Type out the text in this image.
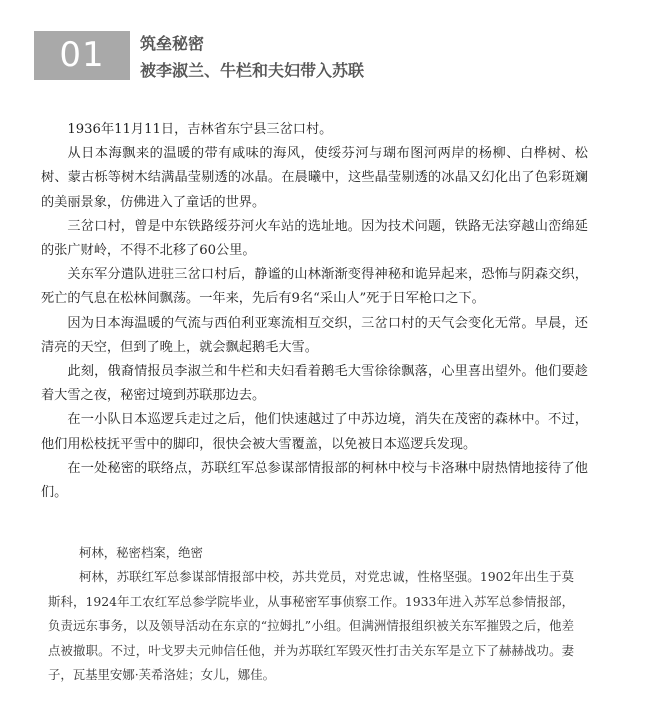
01	筑垒秘密
被李淑兰、牛栏和夫妇带入苏联

1936年11月11日，吉林省东宁县三岔口村。

从日本海飘来的温暖的带有咸味的海风，使绥芬河与瑚布图河两岸的杨柳、白桦树、松树、蒙古栎等树木结满晶莹剔透的冰晶。在晨曦中，这些晶莹剔透的冰晶又幻化出了色彩斑斓的美丽景象，仿佛进入了童话的世界。

三岔口村，曾是中东铁路绥芬河火车站的选址地。因为技术问题，铁路无法穿越山峦绵延的张广财岭，不得不北移了60公里。

关东军分遣队进驻三岔口村后，静谧的山林渐渐变得神秘和诡异起来，恐怖与阴森交织，死亡的气息在松林间飘荡。一年来，先后有9名“采山人”死于日军枪口之下。

因为日本海温暖的气流与西伯利亚寒流相互交织，三岔口村的天气会变化无常。早晨，还清亮的天空，但到了晚上，就会飘起鹅毛大雪。

此刻，俄裔情报员李淑兰和牛栏和夫妇看着鹅毛大雪徐徐飘落，心里喜出望外。他们要趁着大雪之夜，秘密过境到苏联那边去。

在一小队日本巡逻兵走过之后，他们快速越过了中苏边境，消失在茂密的森林中。不过，他们用松枝抚平雪中的脚印，很快会被大雪覆盖，以免被日本巡逻兵发现。

在一处秘密的联络点，苏联红军总参谋部情报部的柯林中校与卡洛琳中尉热情地接待了他们。

柯林，秘密档案，绝密

柯林，苏联红军总参谋部情报部中校，苏共党员，对党忠诚，性格坚强。1902年出生于莫斯科，1924年工农红军总参学院毕业，从事秘密军事侦察工作。1933年进入苏军总参情报部，负责远东事务，以及领导活动在东京的“拉姆扎”小组。但满洲情报组织被关东军摧毁之后，他差点被撤职。不过，叶戈罗夫元帅信任他，并为苏联红军毁灭性打击关东军是立下了赫赫战功。妻子，瓦基里安娜·芙希洛娃；女儿，娜佳。
